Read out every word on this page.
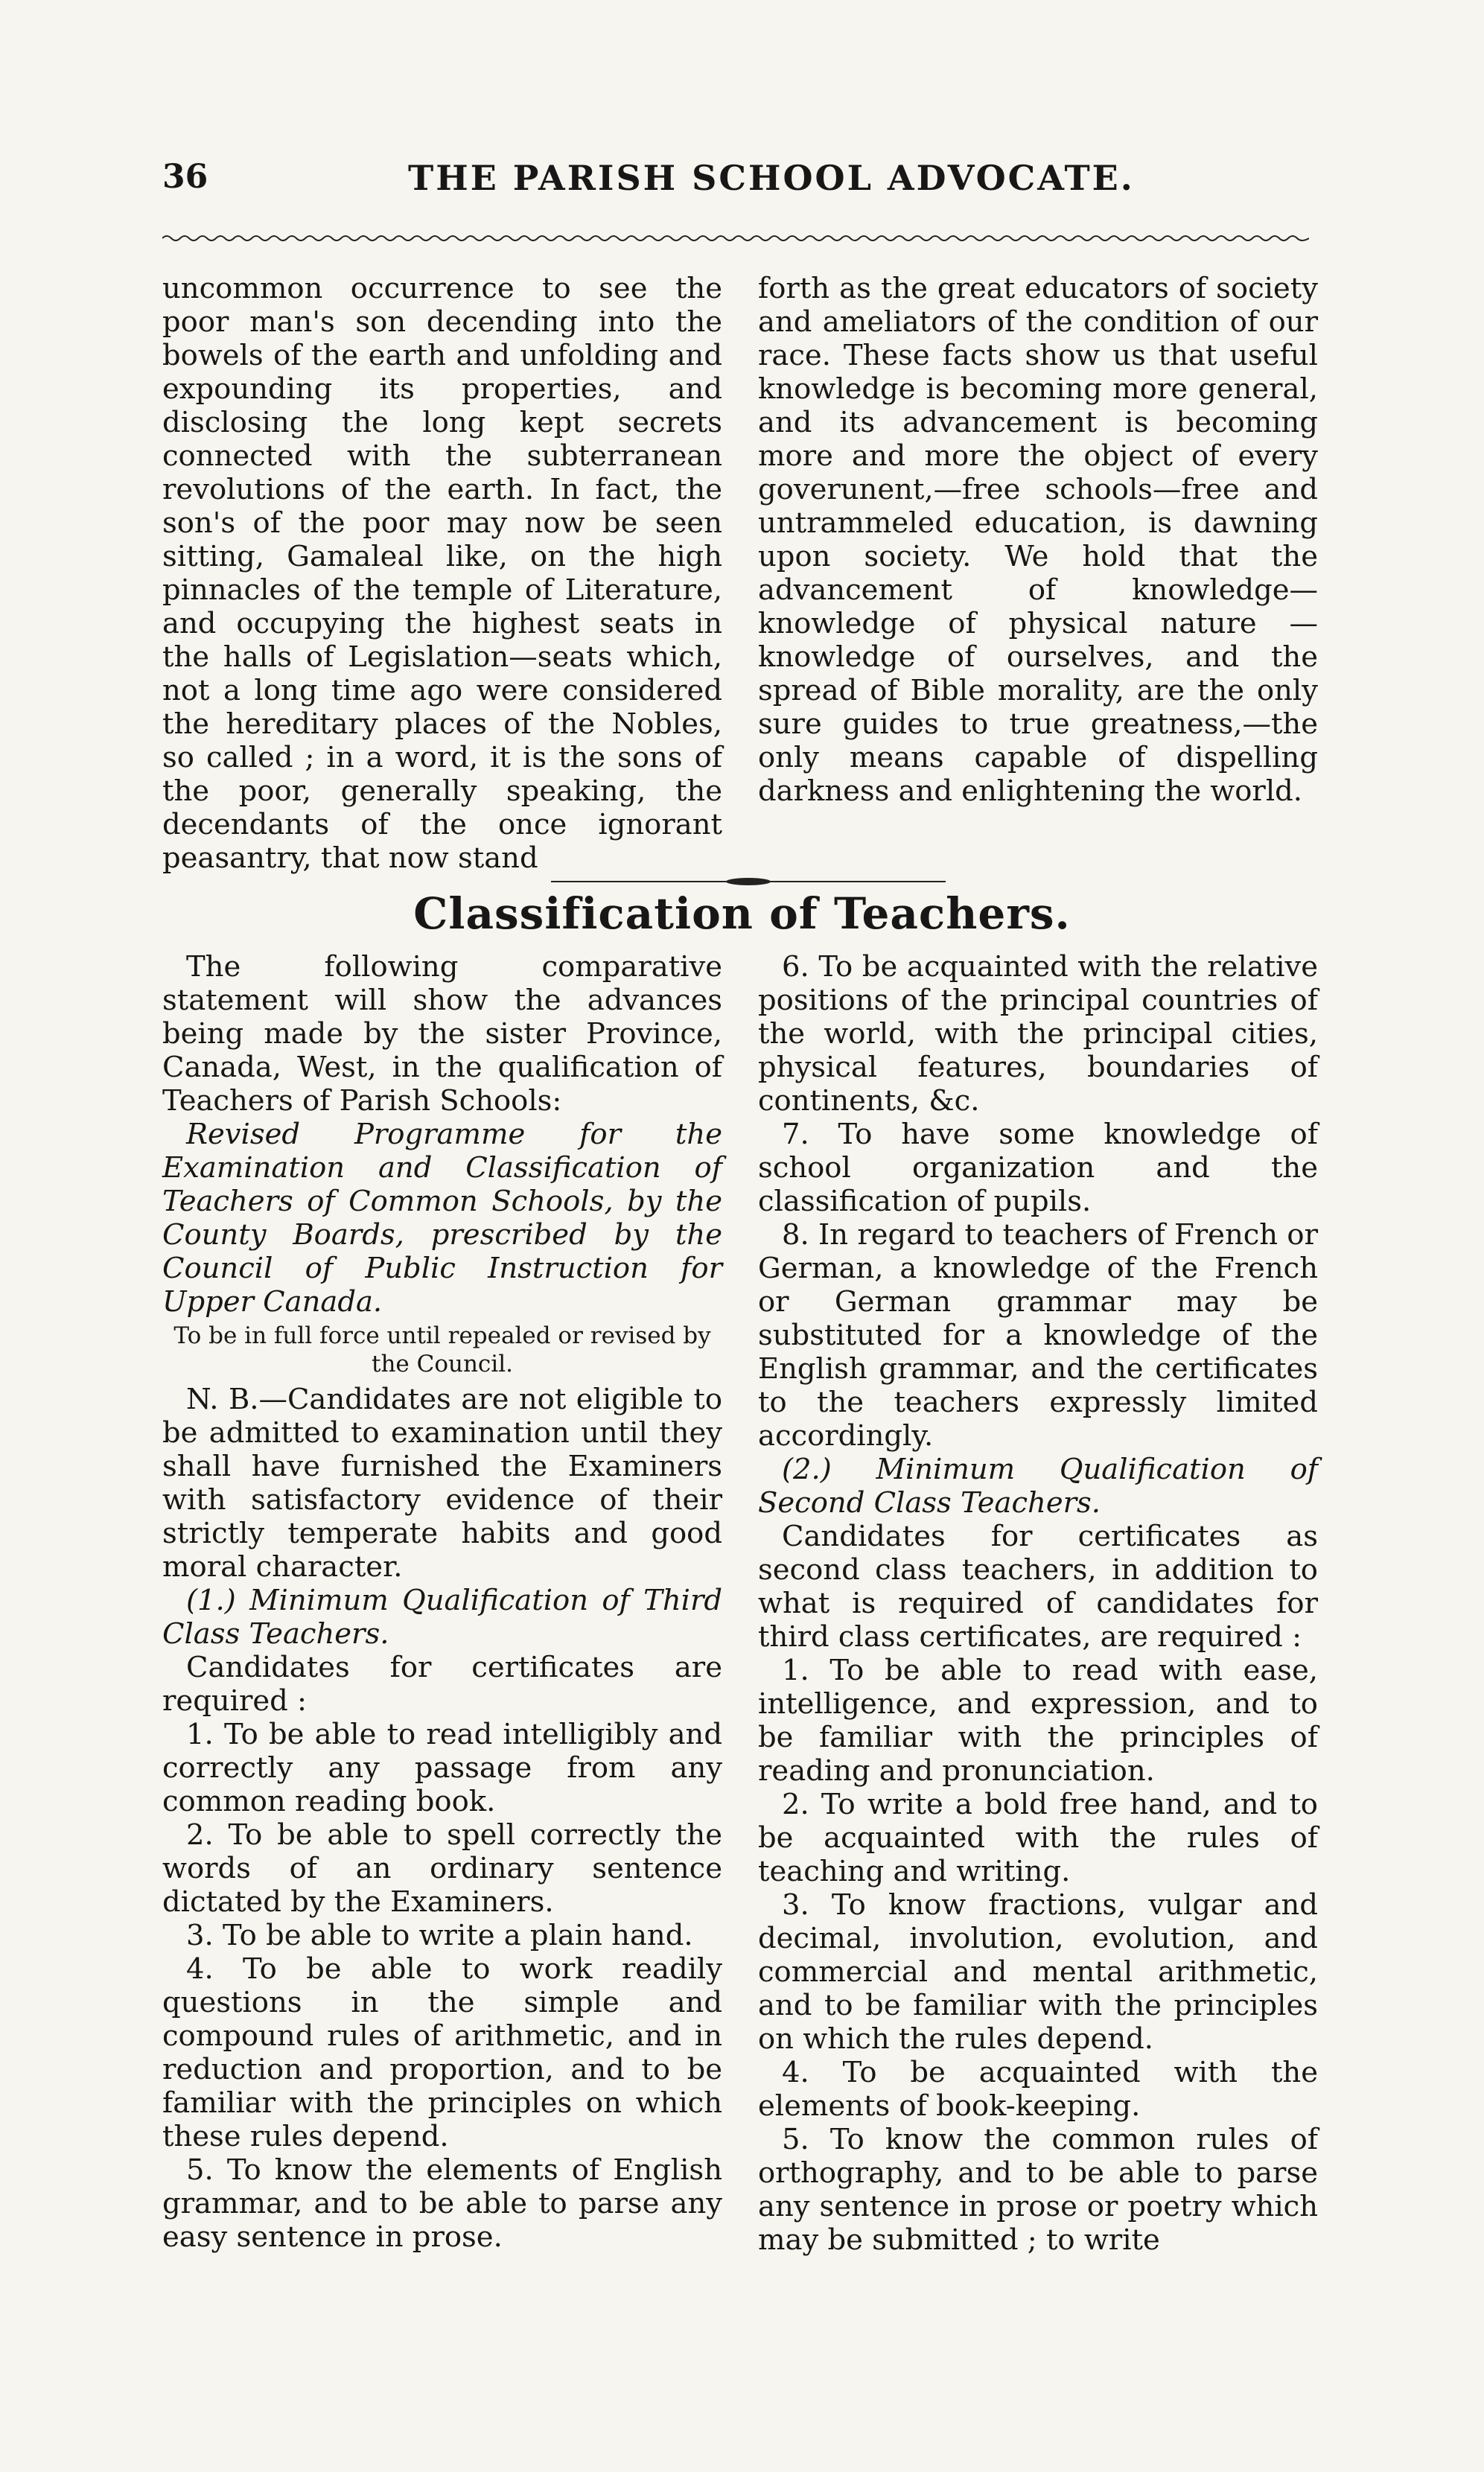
36	THE PARISH SCHOOL ADVOCATE.

uncommon occurrence to see the poor man's son decending into the bowels of the earth and unfolding and expounding its properties, and disclosing the long kept secrets connected with the subterranean revolutions of the earth. In fact, the son's of the poor may now be seen sitting, Gamaleal like, on the high pinnacles of the temple of Literature, and occupying the highest seats in the halls of Legislation—seats which, not a long time ago were considered the hereditary places of the Nobles, so called ; in a word, it is the sons of the poor, generally speaking, the decendants of the once ignorant peasantry, that now stand

forth as the great educators of society and ameliators of the condition of our race. These facts show us that useful knowledge is becoming more general, and its advancement is becoming more and more the object of every goverunent,—free schools—free and untrammeled education, is dawning upon society. We hold that the advancement of knowledge—knowledge of physical nature — knowledge of ourselves, and the spread of Bible morality, are the only sure guides to true greatness,—the only means capable of dispelling darkness and enlightening the world.

Classification of Teachers.

The following comparative statement will show the advances being made by the sister Province, Canada, West, in the qualification of Teachers of Parish Schools:

Revised Programme for the Examination and Classification of Teachers of Common Schools, by the County Boards, prescribed by the Council of Public Instruction for Upper Canada.

To be in full force until repealed or revised by the Council.

N. B.—Candidates are not eligible to be admitted to examination until they shall have furnished the Examiners with satisfactory evidence of their strictly temperate habits and good moral character.

(1.) Minimum Qualification of Third Class Teachers.

Candidates for certificates are required :

1. To be able to read intelligibly and correctly any passage from any common reading book.

2. To be able to spell correctly the words of an ordinary sentence dictated by the Examiners.

3. To be able to write a plain hand.

4. To be able to work readily questions in the simple and compound rules of arithmetic, and in reduction and proportion, and to be familiar with the principles on which these rules depend.

5. To know the elements of English grammar, and to be able to parse any easy sentence in prose.

6. To be acquainted with the relative positions of the principal countries of the world, with the principal cities, physical features, boundaries of continents, &c.

7. To have some knowledge of school organization and the classification of pupils.

8. In regard to teachers of French or German, a knowledge of the French or German grammar may be substituted for a knowledge of the English grammar, and the certificates to the teachers expressly limited accordingly.

(2.) Minimum Qualification of Second Class Teachers.

Candidates for certificates as second class teachers, in addition to what is required of candidates for third class certificates, are required :

1. To be able to read with ease, intelligence, and expression, and to be familiar with the principles of reading and pronunciation.

2. To write a bold free hand, and to be acquainted with the rules of teaching and writing.

3. To know fractions, vulgar and decimal, involution, evolution, and commercial and mental arithmetic, and to be familiar with the principles on which the rules depend.

4. To be acquainted with the elements of book-keeping.

5. To know the common rules of orthography, and to be able to parse any sentence in prose or poetry which may be submitted ; to write
